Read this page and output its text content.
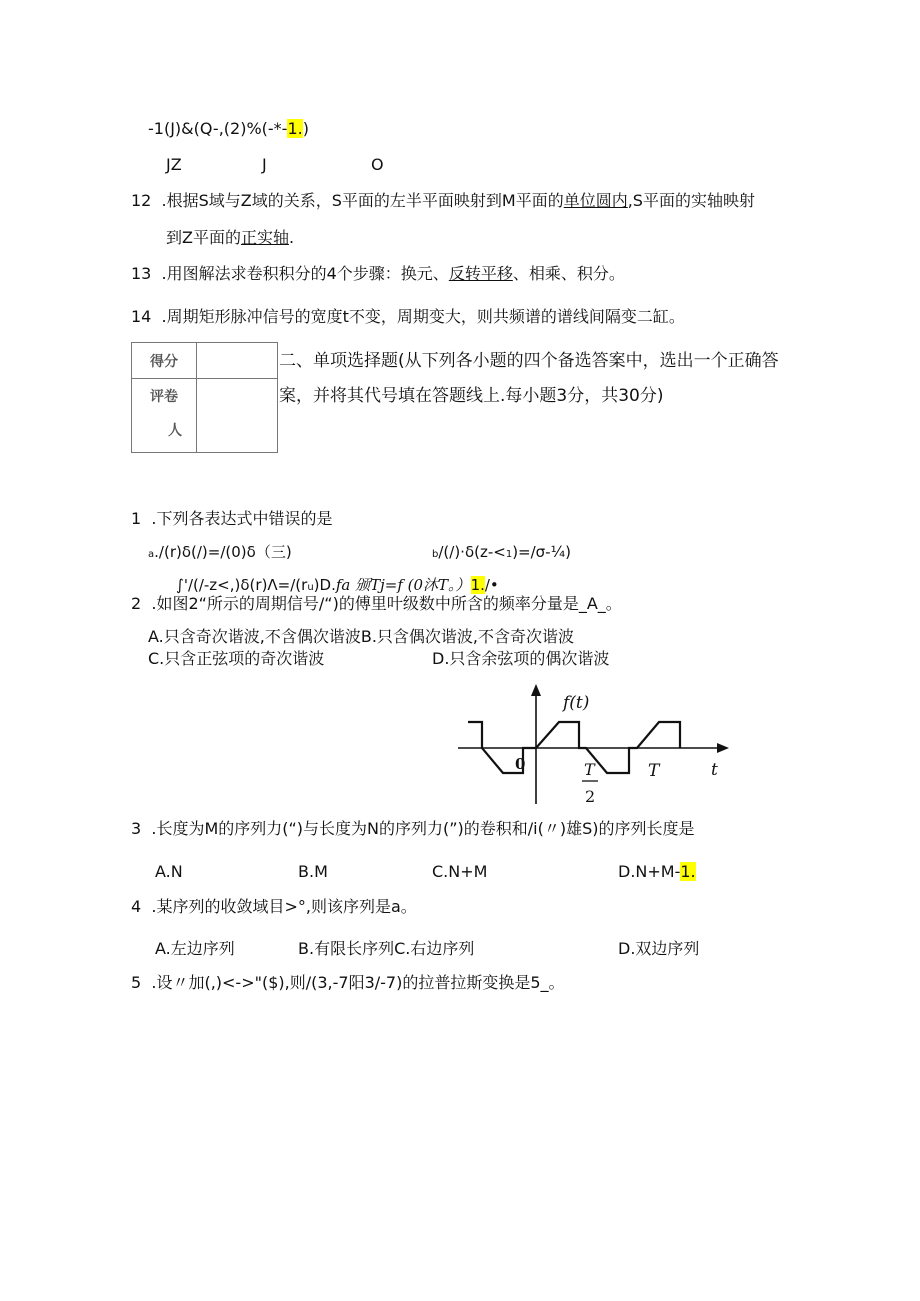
-1(J)&(Q-,(2)%(-*-1.)
JZ	J	O
12 .根据S域与Z域的关系，S平面的左半平面映射到M平面的单位圆内,S平面的实轴映射
到Z平面的正实轴.
13 .用图解法求卷积积分的4个步骤：换元、反转平移、相乘、积分。
14 .周期矩形脉冲信号的宽度t不变，周期变大，则共频谱的谱线间隔变二缸。
得分	
评卷
人	
二、单项选择题(从下列各小题的四个备选答案中，选出一个正确答
案，并将其代号填在答题线上.每小题3分，共30分)
1 .下列各表达式中错误的是
a./(r)δ(/)=/(0)δ（三)	b/(/)·δ(z-<1)=/σ-¼)
∫'/(/-z<,)δ(r)Λ=/(ru)D.fa 颁Tj=f (0沐T。）1./•
2 .如图2“所示的周期信号/“)的傅里叶级数中所含的频率分量是_A_。
A.只含奇次谐波,不含偶次谐波B.只含偶次谐波,不含奇次谐波
C.只含正弦项的奇次谐波	D.只含余弦项的偶次谐波
f(t)
0	T
2
T	t
3 .长度为M的序列力(“)与长度为N的序列力(”)的卷积和/i(〃)雄S)的序列长度是
A.N	B.M	C.N+M	D.N+M-1.
4 .某序列的收敛域目>°,则该序列是a。
A.左边序列	B.有限长序列C.右边序列	D.双边序列
5 .设〃加(,)<->"($),则/(3,-7阳3/-7)的拉普拉斯变换是5_。
